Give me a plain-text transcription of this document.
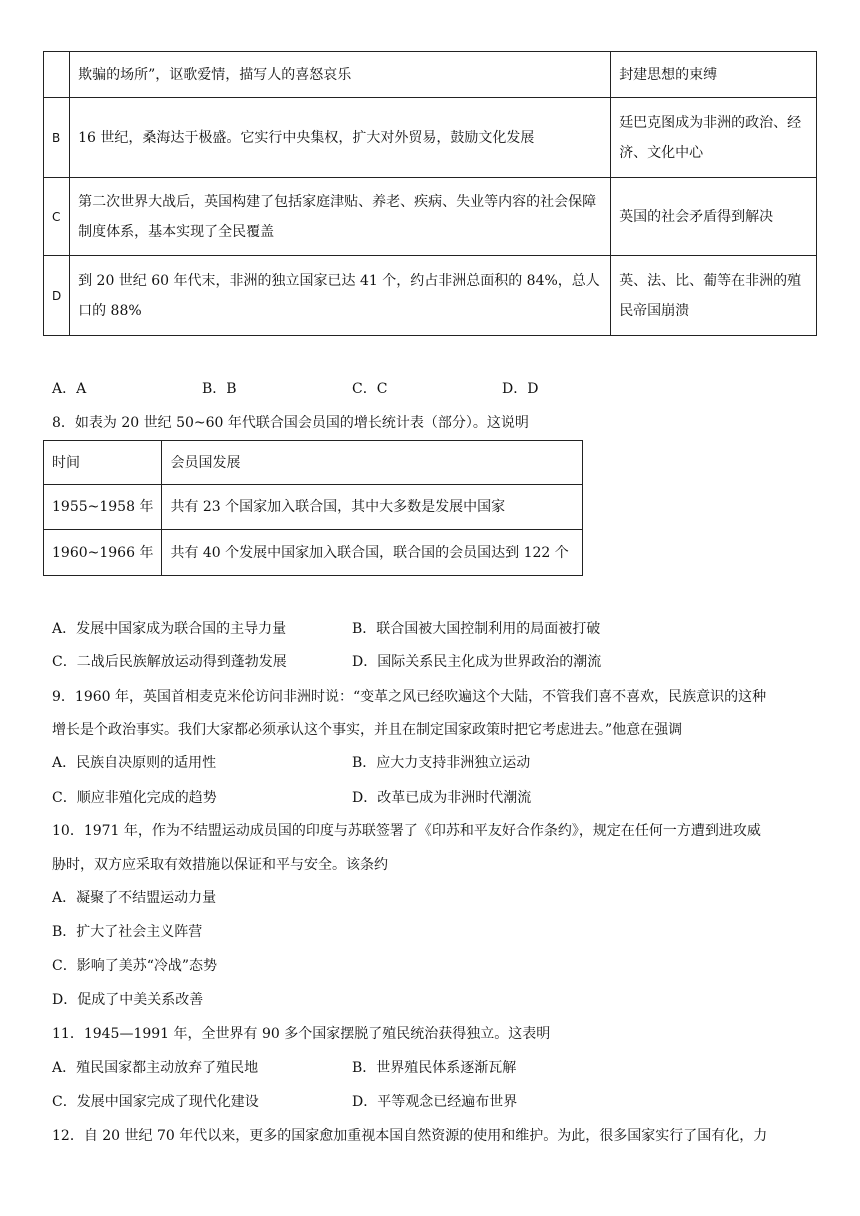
	欺骗的场所”，讴歌爱情，描写人的喜怒哀乐	封建思想的束缚
B	16 世纪，桑海达于极盛。它实行中央集权，扩大对外贸易，鼓励文化发展	廷巴克图成为非洲的政治、经济、文化中心
C	第二次世界大战后，英国构建了包括家庭津贴、养老、疾病、失业等内容的社会保障制度体系，基本实现了全民覆盖	英国的社会矛盾得到解决
D	到 20 世纪 60 年代末，非洲的独立国家已达 41 个，约占非洲总面积的 84%，总人口的 88%	英、法、比、葡等在非洲的殖民帝国崩溃
A．A	B．B	C．C	D．D
8．如表为 20 世纪 50~60 年代联合国会员国的增长统计表（部分）。这说明
时间	会员国发展
1955~1958 年	共有 23 个国家加入联合国，其中大多数是发展中国家
1960~1966 年	共有 40 个发展中国家加入联合国，联合国的会员国达到 122 个
A．发展中国家成为联合国的主导力量	B．联合国被大国控制利用的局面被打破
C．二战后民族解放运动得到蓬勃发展	D．国际关系民主化成为世界政治的潮流
9．1960 年，英国首相麦克米伦访问非洲时说：“变革之风已经吹遍这个大陆，不管我们喜不喜欢，民族意识的这种
增长是个政治事实。我们大家都必须承认这个事实，并且在制定国家政策时把它考虑进去。”他意在强调
A．民族自决原则的适用性	B．应大力支持非洲独立运动
C．顺应非殖化完成的趋势	D．改革已成为非洲时代潮流
10．1971 年，作为不结盟运动成员国的印度与苏联签署了《印苏和平友好合作条约》，规定在任何一方遭到进攻威
胁时，双方应采取有效措施以保证和平与安全。该条约
A．凝聚了不结盟运动力量
B．扩大了社会主义阵营
C．影响了美苏“冷战”态势
D．促成了中美关系改善
11．1945—1991 年，全世界有 90 多个国家摆脱了殖民统治获得独立。这表明
A．殖民国家都主动放弃了殖民地	B．世界殖民体系逐渐瓦解
C．发展中国家完成了现代化建设	D．平等观念已经遍布世界
12．自 20 世纪 70 年代以来，更多的国家愈加重视本国自然资源的使用和维护。为此，很多国家实行了国有化，力
